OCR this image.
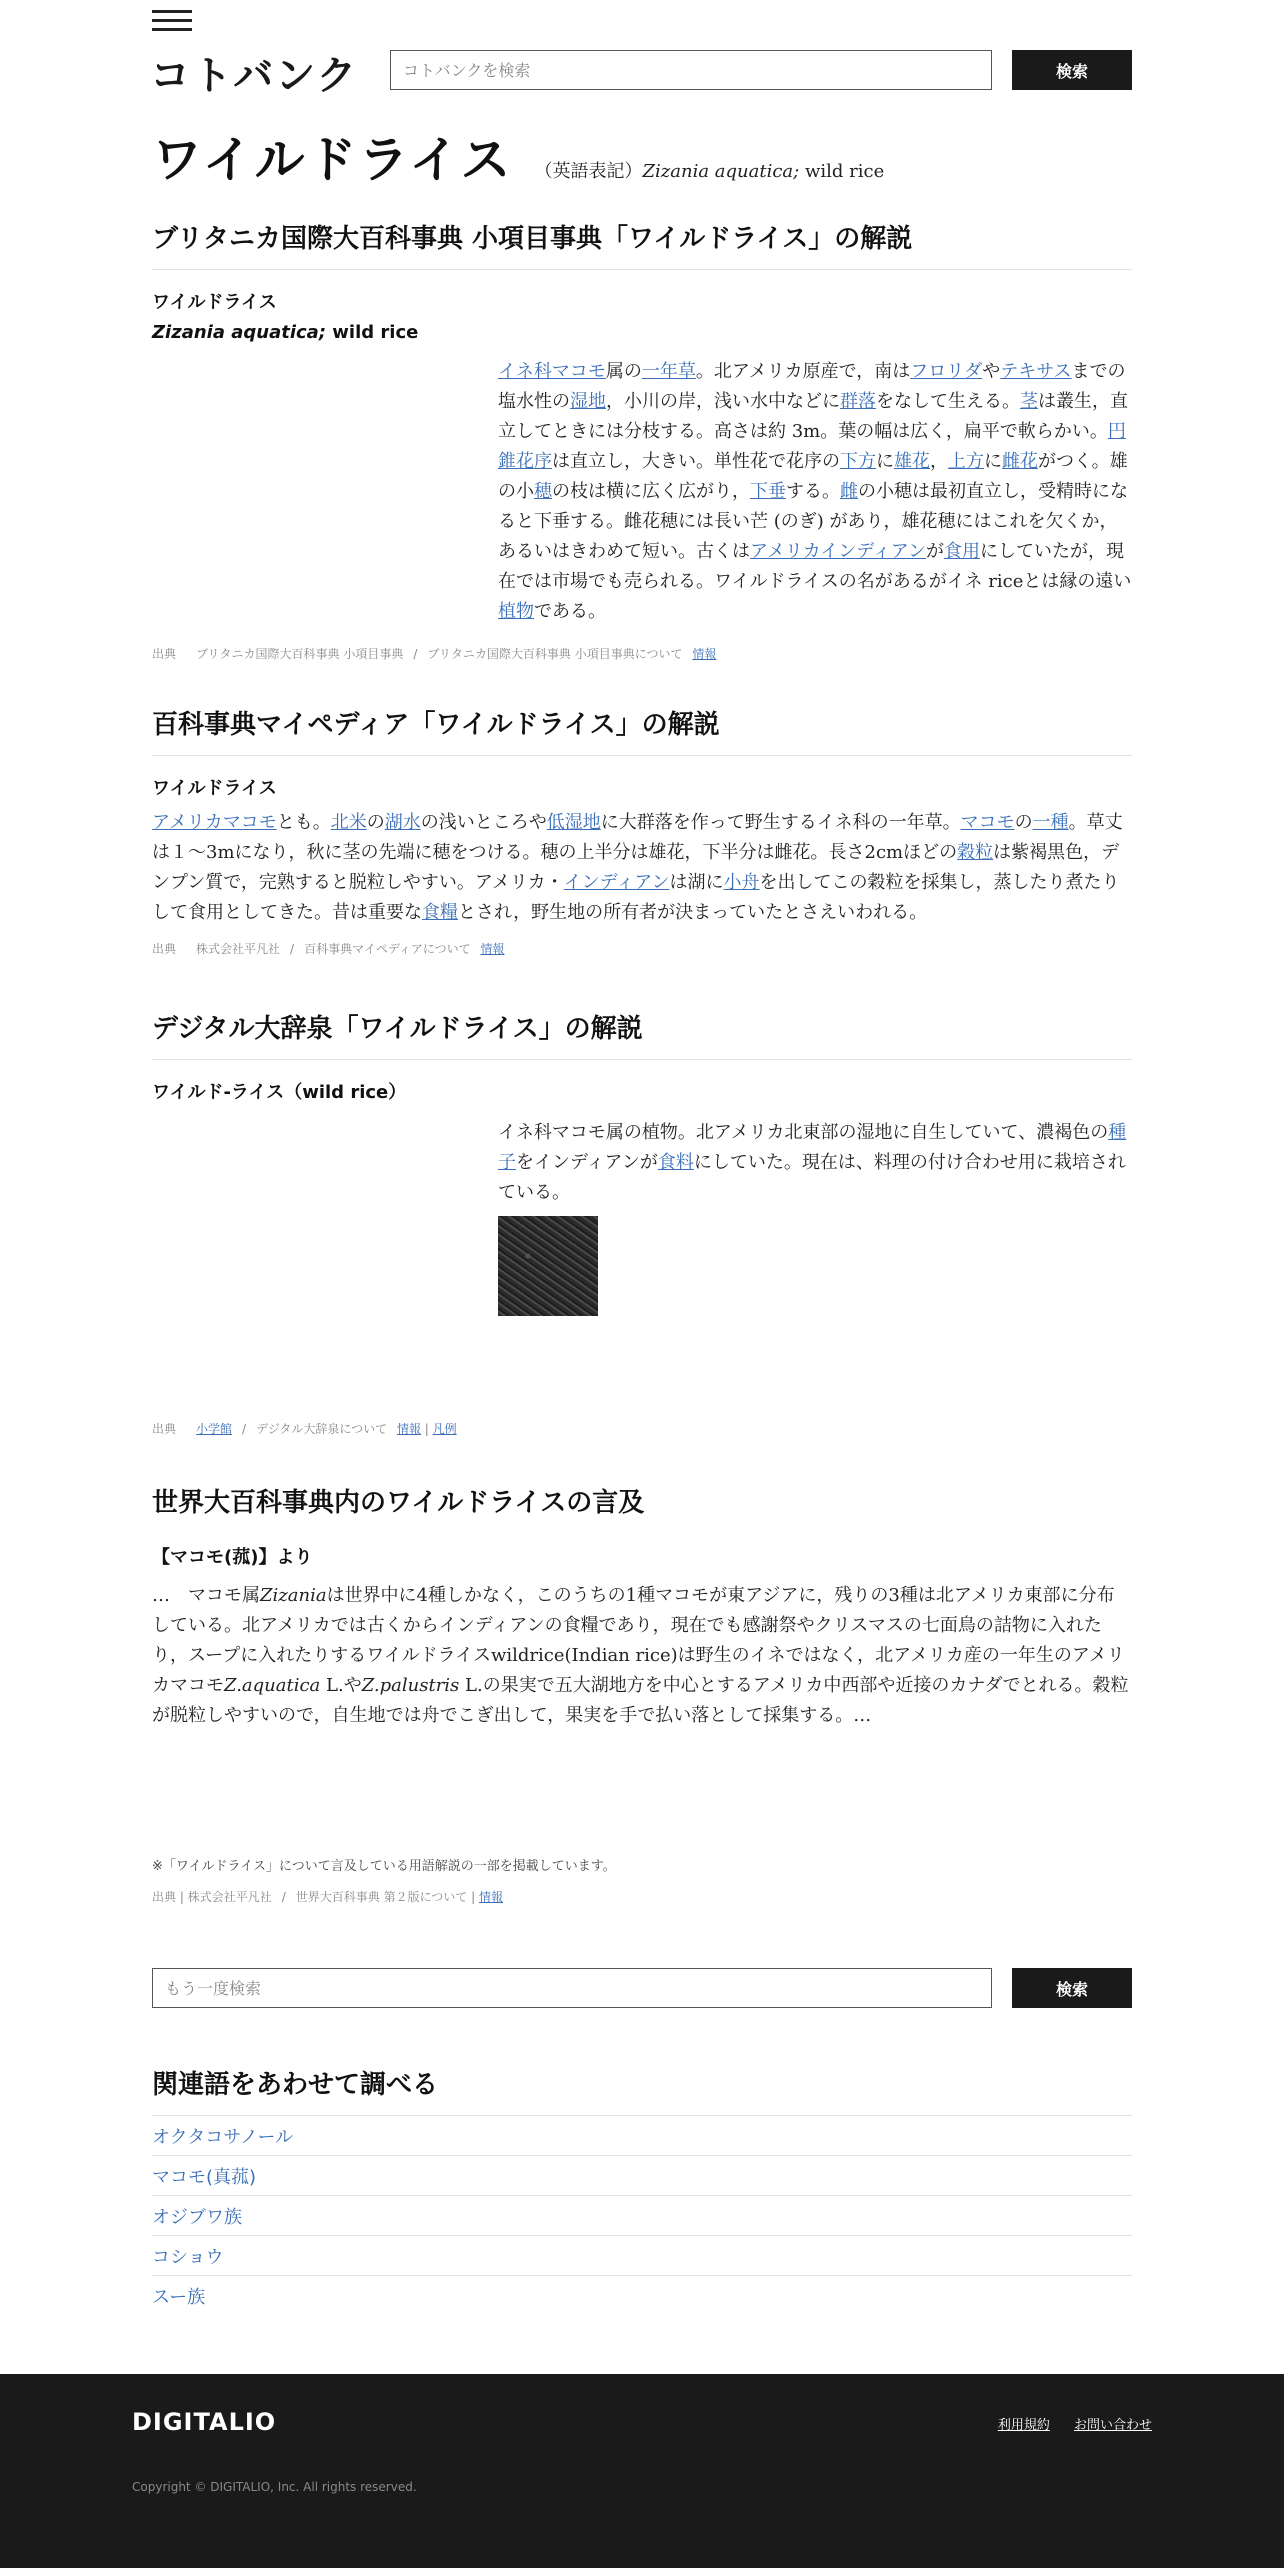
コトバンク
コトバンクを検索	検索
ワイルドライス （英語表記）Zizania aquatica; wild rice
ブリタニカ国際大百科事典 小項目事典「ワイルドライス」の解説
ワイルドライス
Zizania aquatica; wild rice
イネ科マコモ属の一年草。北アメリカ原産で，南はフロリダやテキサスまでの塩水性の湿地，小川の岸，浅い水中などに群落をなして生える。茎は叢生，直立してときには分枝する。高さは約 3m。葉の幅は広く，扁平で軟らかい。円錐花序は直立し，大きい。単性花で花序の下方に雄花，上方に雌花がつく。雄の小穂の枝は横に広く広がり，下垂する。雌の小穂は最初直立し，受精時になると下垂する。雌花穂には長い芒 (のぎ) があり，雄花穂にはこれを欠くか，あるいはきわめて短い。古くはアメリカインディアンが食用にしていたが，現在では市場でも売られる。ワイルドライスの名があるがイネ riceとは縁の遠い植物である。
出典 ブリタニカ国際大百科事典 小項目事典 / ブリタニカ国際大百科事典 小項目事典について 情報
百科事典マイペディア「ワイルドライス」の解説
ワイルドライス
アメリカマコモとも。北米の湖水の浅いところや低湿地に大群落を作って野生するイネ科の一年草。マコモの一種。草丈は１〜3mになり，秋に茎の先端に穂をつける。穂の上半分は雄花，下半分は雌花。長さ2cmほどの穀粒は紫褐黒色，デンプン質で，完熟すると脱粒しやすい。アメリカ・インディアンは湖に小舟を出してこの穀粒を採集し，蒸したり煮たりして食用としてきた。昔は重要な食糧とされ，野生地の所有者が決まっていたとさえいわれる。
出典 株式会社平凡社 / 百科事典マイペディアについて 情報
デジタル大辞泉「ワイルドライス」の解説
ワイルド‐ライス（wild rice）
イネ科マコモ属の植物。北アメリカ北東部の湿地に自生していて、濃褐色の種子をインディアンが食料にしていた。現在は、料理の付け合わせ用に栽培されている。
出典 小学館 / デジタル大辞泉について 情報 | 凡例
世界大百科事典内のワイルドライスの言及
【マコモ(菰)】より
…　マコモ属Zizaniaは世界中に4種しかなく，このうちの1種マコモが東アジアに，残りの3種は北アメリカ東部に分布している。北アメリカでは古くからインディアンの食糧であり，現在でも感謝祭やクリスマスの七面鳥の詰物に入れたり，スープに入れたりするワイルドライスwildrice(Indian rice)は野生のイネではなく，北アメリカ産の一年生のアメリカマコモZ.aquatica L.やZ.palustris L.の果実で五大湖地方を中心とするアメリカ中西部や近接のカナダでとれる。穀粒が脱粒しやすいので，自生地では舟でこぎ出して，果実を手で払い落として採集する。…
※「ワイルドライス」について言及している用語解説の一部を掲載しています。
出典 | 株式会社平凡社 / 世界大百科事典 第２版について | 情報
もう一度検索
検索
関連語をあわせて調べる
オクタコサノール
マコモ(真菰)
オジブワ族
コショウ
スー族
DIGITALIO	利用規約 お問い合わせ
Copyright © DIGITALIO, Inc. All rights reserved.
